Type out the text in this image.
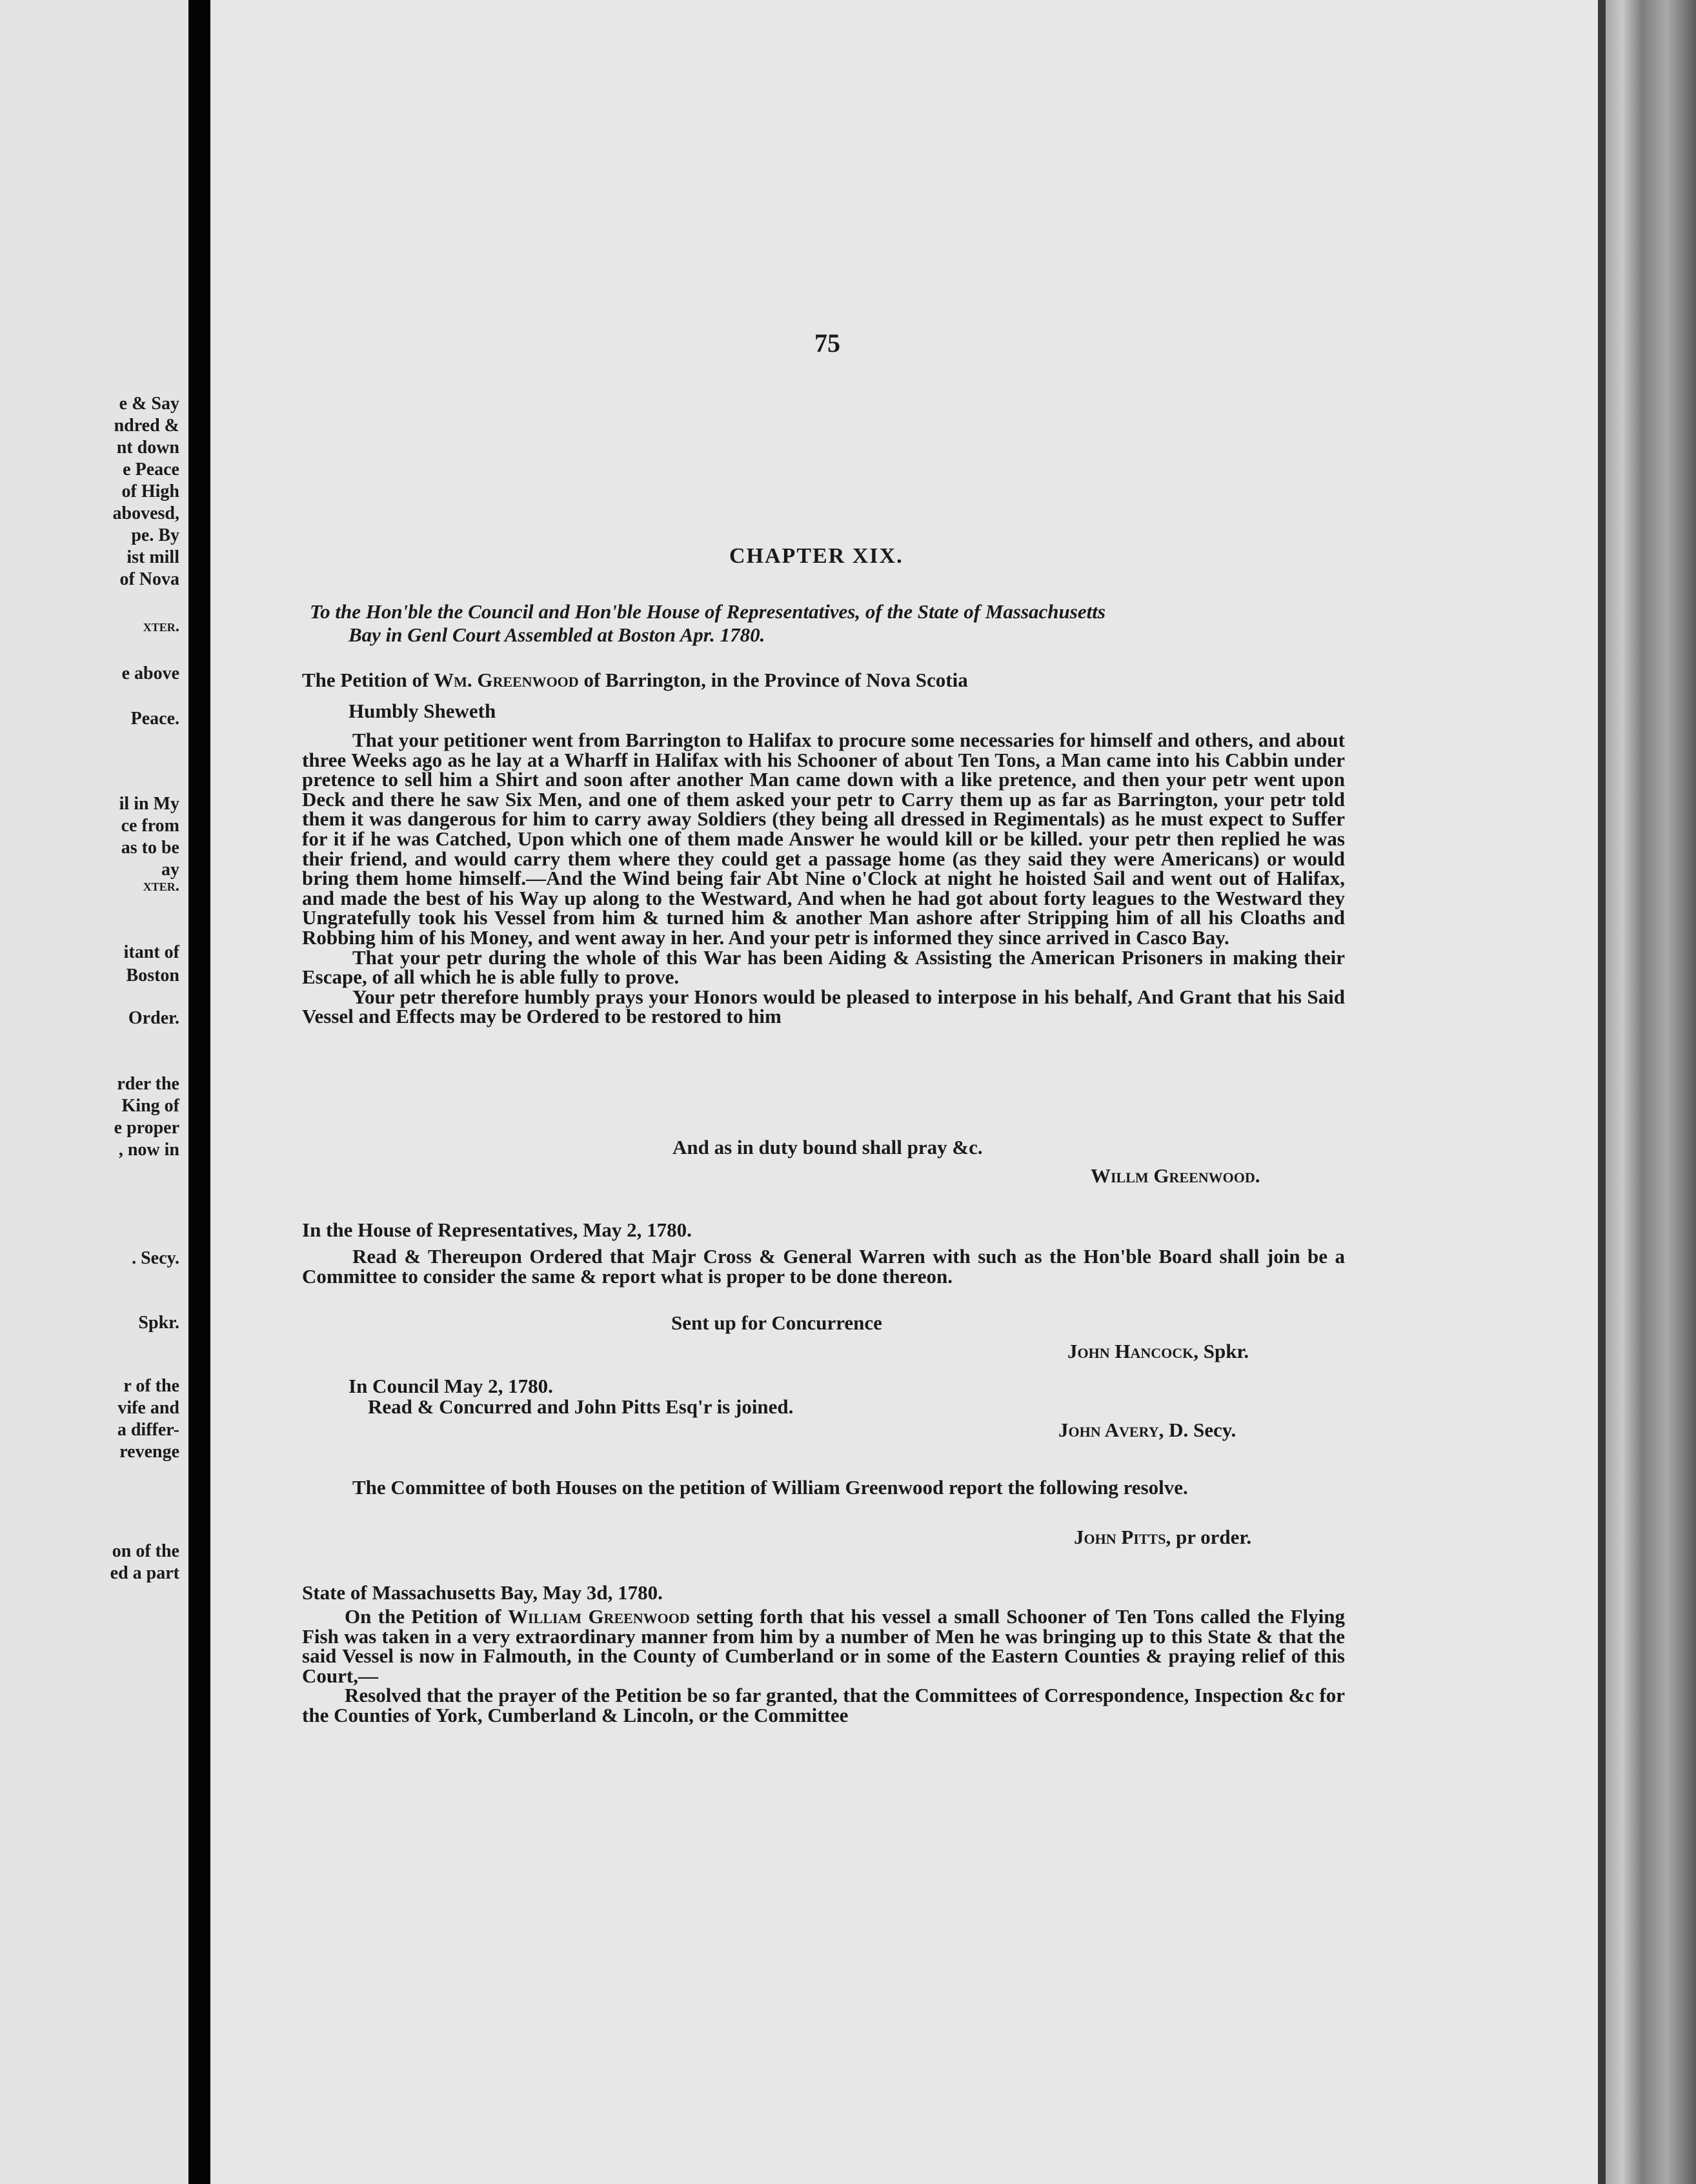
e & Say
ndred &
nt down
e Peace
of High
abovesd,
pe. By
ist mill
of Nova
xter.
e above
Peace.
il in My
ce from
as to be
ay
xter.
itant of
Boston
Order.
rder the
King of
e proper
, now in
. Secy.
Spkr.
r of the
vife and
a differ-
revenge
on of the
ed a part
75
CHAPTER XIX.
To the Hon'ble the Council and Hon'ble House of Representatives, of the State of Massachusetts
Bay in Genl Court Assembled at Boston Apr. 1780.
The Petition of Wm. Greenwood of Barrington, in the Province of Nova Scotia
Humbly Sheweth

That your petitioner went from Barrington to Halifax to procure some necessaries for himself and others, and about three Weeks ago as he lay at a Wharff in Halifax with his Schooner of about Ten Tons, a Man came into his Cabbin under pretence to sell him a Shirt and soon after another Man came down with a like pretence, and then your petr went upon Deck and there he saw Six Men, and one of them asked your petr to Carry them up as far as Barrington, your petr told them it was dangerous for him to carry away Soldiers (they being all dressed in Regimentals) as he must expect to Suffer for it if he was Catched, Upon which one of them made Answer he would kill or be killed. your petr then replied he was their friend, and would carry them where they could get a passage home (as they said they were Americans) or would bring them home himself.—And the Wind being fair Abt Nine o'Clock at night he hoisted Sail and went out of Halifax, and made the best of his Way up along to the Westward, And when he had got about forty leagues to the Westward they Ungratefully took his Vessel from him & turned him & another Man ashore after Stripping him of all his Cloaths and Robbing him of his Money, and went away in her. And your petr is informed they since arrived in Casco Bay.

That your petr during the whole of this War has been Aiding & Assisting the American Prisoners in making their Escape, of all which he is able fully to prove.

Your petr therefore humbly prays your Honors would be pleased to interpose in his behalf, And Grant that his Said Vessel and Effects may be Ordered to be restored to him

And as in duty bound shall pray &c.
Willm Greenwood.
In the House of Representatives, May 2, 1780.

Read & Thereupon Ordered that Majr Cross & General Warren with such as the Hon'ble Board shall join be a Committee to consider the same & report what is proper to be done thereon.

Sent up for Concurrence
John Hancock, Spkr.
In Council May 2, 1780.
Read & Concurred and John Pitts Esq'r is joined.
John Avery, D. Secy.

The Committee of both Houses on the petition of William Greenwood report the following resolve.

John Pitts, pr order.
State of Massachusetts Bay, May 3d, 1780.

On the Petition of William Greenwood setting forth that his vessel a small Schooner of Ten Tons called the Flying Fish was taken in a very extraordinary manner from him by a number of Men he was bringing up to this State & that the said Vessel is now in Falmouth, in the County of Cumberland or in some of the Eastern Counties & praying relief of this Court,—

Resolved that the prayer of the Petition be so far granted, that the Committees of Correspondence, Inspection &c for the Counties of York, Cumberland & Lincoln, or the Committee
